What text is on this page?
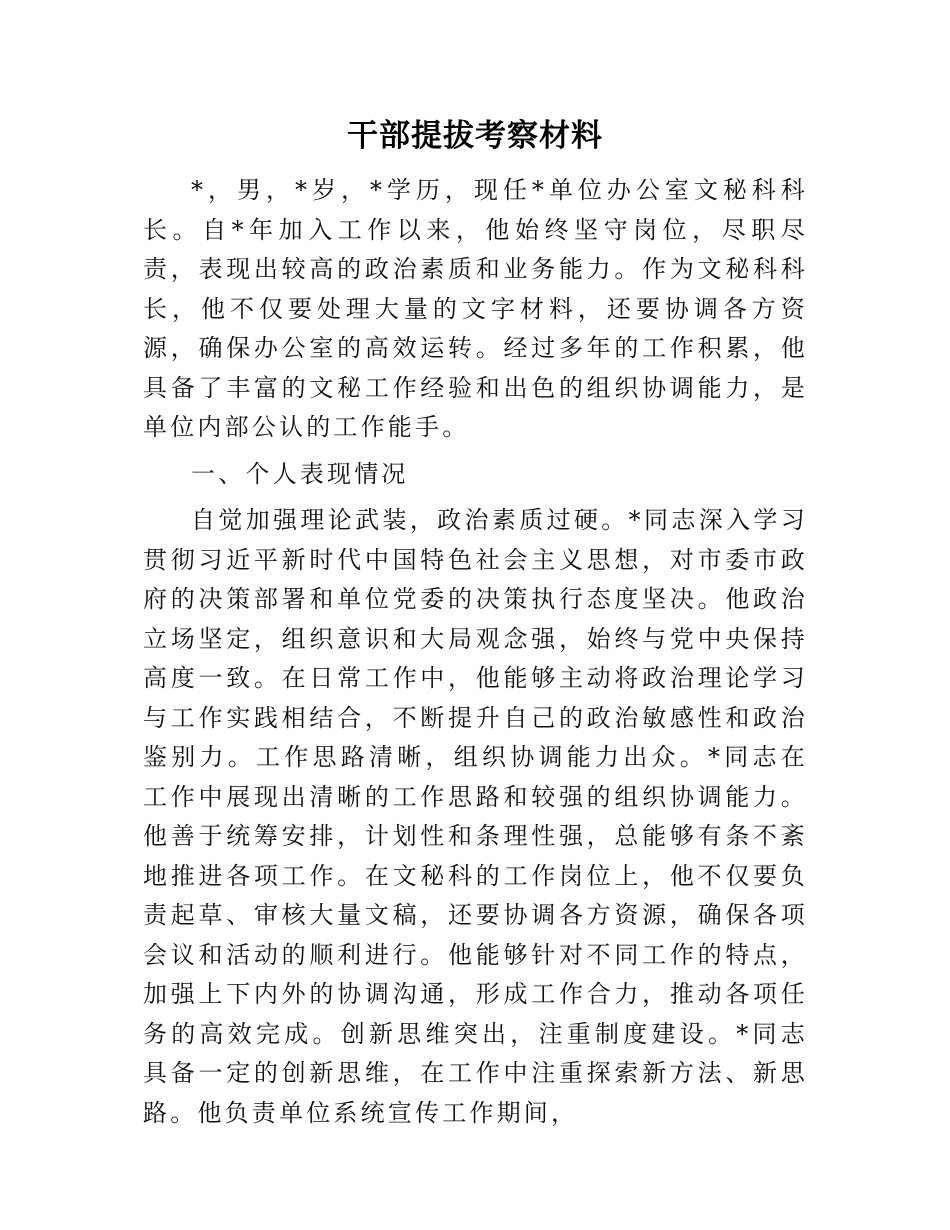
干部提拔考察材料

*，男，*岁，*学历，现任*单位办公室文秘科科长。自*年加入工作以来，他始终坚守岗位，尽职尽责，表现出较高的政治素质和业务能力。作为文秘科科长，他不仅要处理大量的文字材料，还要协调各方资源，确保办公室的高效运转。经过多年的工作积累，他具备了丰富的文秘工作经验和出色的组织协调能力，是单位内部公认的工作能手。

一、个人表现情况

自觉加强理论武装，政治素质过硬。*同志深入学习贯彻习近平新时代中国特色社会主义思想，对市委市政府的决策部署和单位党委的决策执行态度坚决。他政治立场坚定，组织意识和大局观念强，始终与党中央保持高度一致。在日常工作中，他能够主动将政治理论学习与工作实践相结合，不断提升自己的政治敏感性和政治鉴别力。工作思路清晰，组织协调能力出众。*同志在工作中展现出清晰的工作思路和较强的组织协调能力。他善于统筹安排，计划性和条理性强，总能够有条不紊地推进各项工作。在文秘科的工作岗位上，他不仅要负责起草、审核大量文稿，还要协调各方资源，确保各项会议和活动的顺利进行。他能够针对不同工作的特点，加强上下内外的协调沟通，形成工作合力，推动各项任务的高效完成。创新思维突出，注重制度建设。*同志具备一定的创新思维，在工作中注重探索新方法、新思路。他负责单位系统宣传工作期间，
